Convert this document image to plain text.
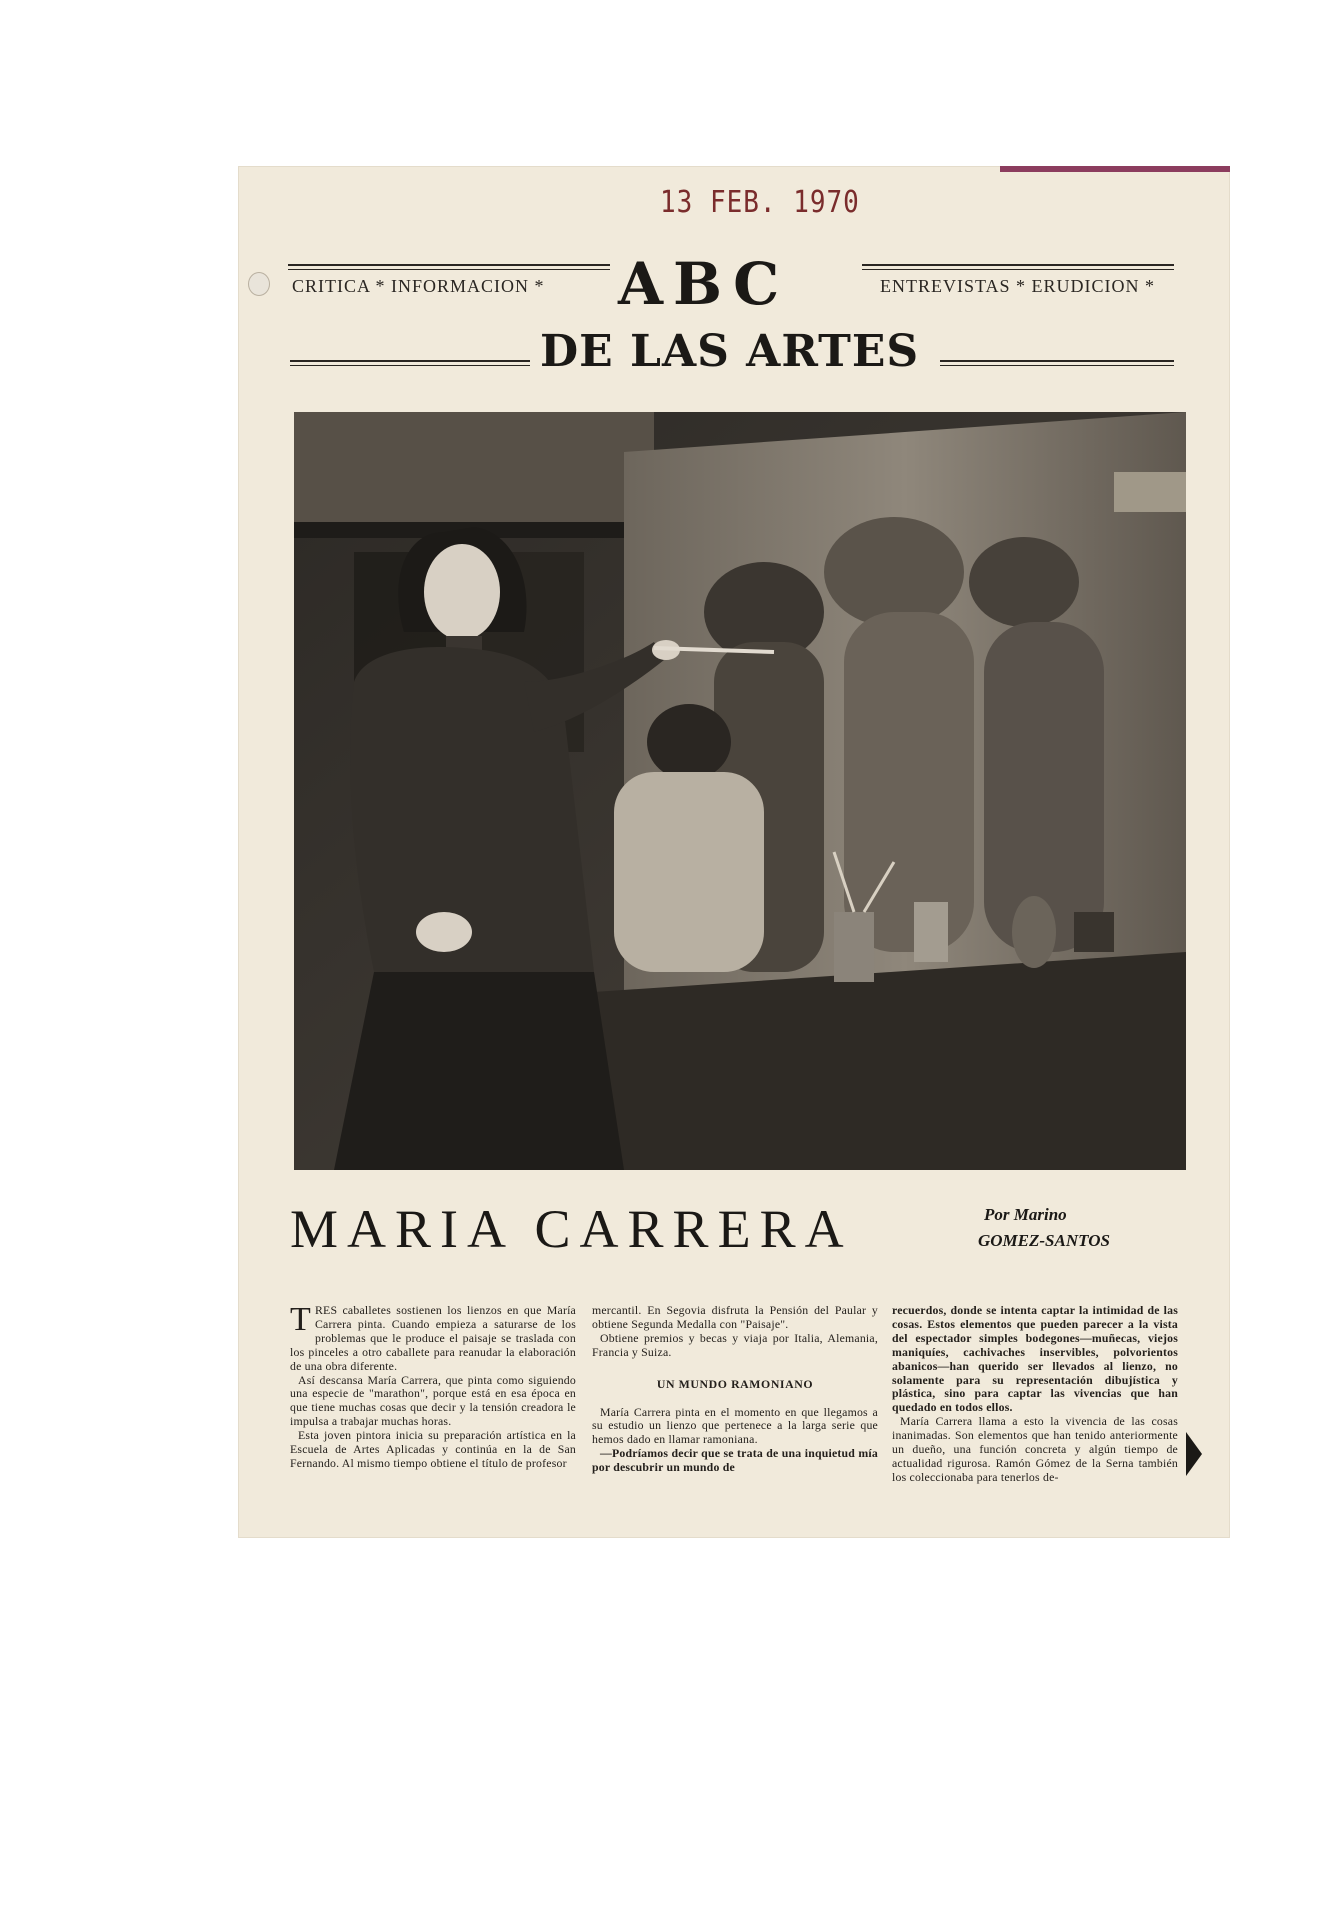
13 FEB. 1970
CRITICA * INFORMACION * ABC	ENTREVISTAS * ERUDICION *
DE LAS ARTES
MARIA CARRERA	Por Marino
GOMEZ-SANTOS

TRES caballetes sostienen los lienzos en que María Carrera pinta. Cuando empieza a saturarse de los problemas que le produce el paisaje se traslada con los pinceles a otro caballete para reanudar la elaboración de una obra diferente.

Así descansa María Carrera, que pinta como siguiendo una especie de "marathon", porque está en esa época en que tiene muchas cosas que decir y la tensión creadora le impulsa a trabajar muchas horas.

Esta joven pintora inicia su preparación artística en la Escuela de Artes Aplicadas y continúa en la de San Fernando. Al mismo tiempo obtiene el título de profesor

mercantil. En Segovia disfruta la Pensión del Paular y obtiene Segunda Medalla con "Paisaje".

Obtiene premios y becas y viaja por Italia, Alemania, Francia y Suiza.

UN MUNDO RAMONIANO

María Carrera pinta en el momento en que llegamos a su estudio un lienzo que pertenece a la larga serie que hemos dado en llamar ramoniana.

—Podríamos decir que se trata de una inquietud mía por descubrir un mundo de

recuerdos, donde se intenta captar la intimidad de las cosas. Estos elementos que pueden parecer a la vista del espectador simples bodegones—muñecas, viejos maniquíes, cachivaches inservibles, polvorientos abanicos—han querido ser llevados al lienzo, no solamente para su representación dibujística y plástica, sino para captar las vivencias que han quedado en todos ellos.

María Carrera llama a esto la vivencia de las cosas inanimadas. Son elementos que han tenido anteriormente un dueño, una función concreta y algún tiempo de actualidad rigurosa. Ramón Gómez de la Serna también los coleccionaba para tenerlos de-
